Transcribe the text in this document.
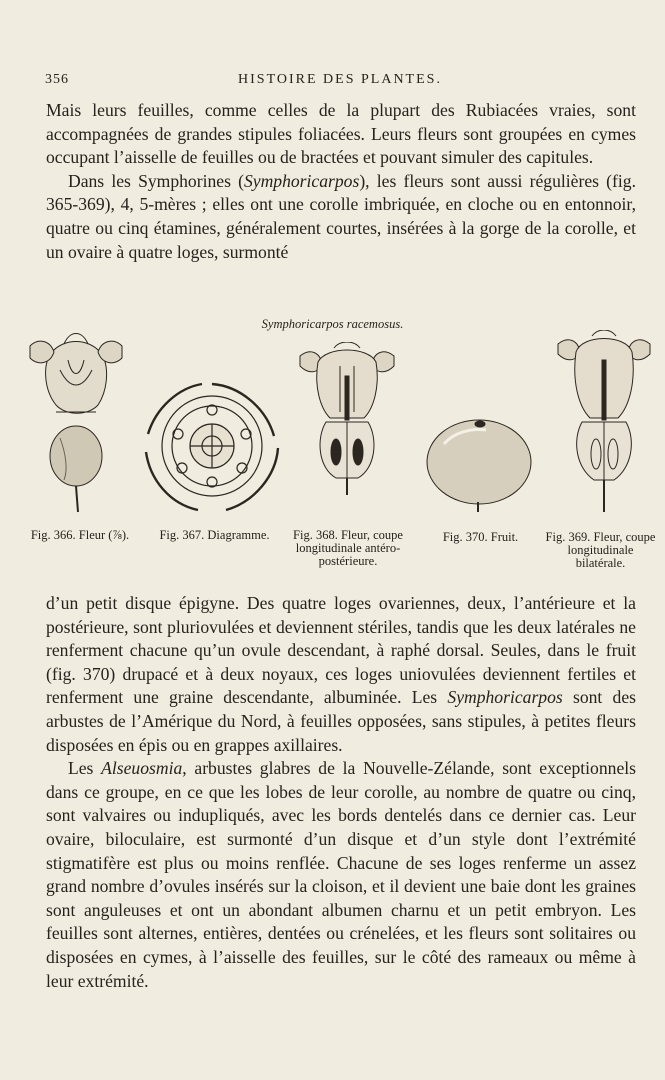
356	HISTOIRE DES PLANTES.

Mais leurs feuilles, comme celles de la plupart des Rubiacées vraies, sont accompagnées de grandes stipules foliacées. Leurs fleurs sont groupées en cymes occupant l’aisselle de feuilles ou de bractées et pouvant simuler des capitules.

Dans les Symphorines (Symphoricarpos), les fleurs sont aussi régulières (fig. 365-369), 4, 5-mères ; elles ont une corolle imbriquée, en cloche ou en entonnoir, quatre ou cinq étamines, généralement courtes, insérées à la gorge de la corolle, et un ovaire à quatre loges, surmonté

Symphoricarpos racemosus.
Fig. 366. Fleur (⅞).	Fig. 367. Diagramme.	Fig. 368. Fleur, coupe longitudinale antéro-postérieure.
Fig. 370. Fruit.	Fig. 369. Fleur, coupe longitudinale bilatérale.

d’un petit disque épigyne. Des quatre loges ovariennes, deux, l’antérieure et la postérieure, sont pluriovulées et deviennent stériles, tandis que les deux latérales ne renferment chacune qu’un ovule descendant, à raphé dorsal. Seules, dans le fruit (fig. 370) drupacé et à deux noyaux, ces loges uniovulées deviennent fertiles et renferment une graine descendante, albuminée. Les Symphoricarpos sont des arbustes de l’Amérique du Nord, à feuilles opposées, sans stipules, à petites fleurs disposées en épis ou en grappes axillaires.

Les Alseuosmia, arbustes glabres de la Nouvelle-Zélande, sont exceptionnels dans ce groupe, en ce que les lobes de leur corolle, au nombre de quatre ou cinq, sont valvaires ou indupliqués, avec les bords dentelés dans ce dernier cas. Leur ovaire, biloculaire, est surmonté d’un disque et d’un style dont l’extrémité stigmatifère est plus ou moins renflée. Chacune de ses loges renferme un assez grand nombre d’ovules insérés sur la cloison, et il devient une baie dont les graines sont anguleuses et ont un abondant albumen charnu et un petit embryon. Les feuilles sont alternes, entières, dentées ou crénelées, et les fleurs sont solitaires ou disposées en cymes, à l’aisselle des feuilles, sur le côté des rameaux ou même à leur extrémité.
